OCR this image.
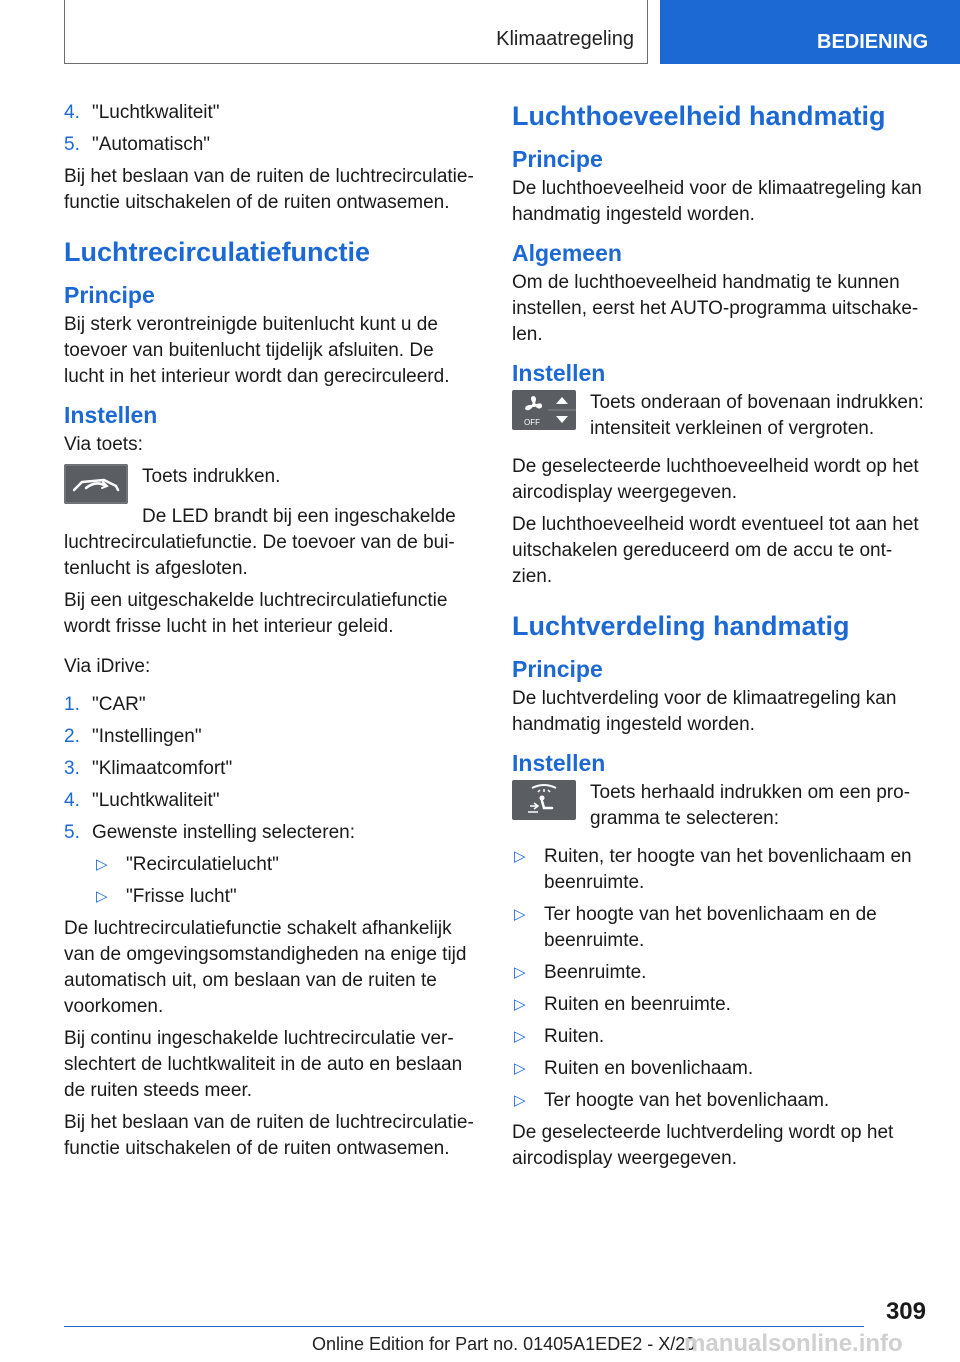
Klimaatregeling	BEDIENING
4. "Luchtkwaliteit"
5. "Automatisch"

Bij het beslaan van de ruiten de luchtrecirculatie-functie uitschakelen of de ruiten ontwasemen.

Luchtrecirculatiefunctie
Principe

Bij sterk verontreinigde buitenlucht kunt u de toevoer van buitenlucht tijdelijk afsluiten. De lucht in het interieur wordt dan gerecirculeerd.

Instellen

Via toets:

Toets indrukken.

De LED brandt bij een ingeschakelde luchtrecirculatiefunctie. De toevoer van de bui-tenlucht is afgesloten.

Bij een uitgeschakelde luchtrecirculatiefunctie wordt frisse lucht in het interieur geleid.

Via iDrive:

1. "CAR"
2. "Instellingen"
3. "Klimaatcomfort"
4. "Luchtkwaliteit"
5. Gewenste instelling selecteren:
▷ "Recirculatielucht"
▷ "Frisse lucht"

De luchtrecirculatiefunctie schakelt afhankelijk van de omgevingsomstandigheden na enige tijd automatisch uit, om beslaan van de ruiten te voorkomen.

Bij continu ingeschakelde luchtrecirculatie ver-slechtert de luchtkwaliteit in de auto en beslaan de ruiten steeds meer.

Bij het beslaan van de ruiten de luchtrecirculatie-functie uitschakelen of de ruiten ontwasemen.

Luchthoeveelheid handmatig
Principe

De luchthoeveelheid voor de klimaatregeling kan handmatig ingesteld worden.

Algemeen

Om de luchthoeveelheid handmatig te kunnen instellen, eerst het AUTO-programma uitschake-len.

Instellen
OFF

Toets onderaan of bovenaan indrukken: intensiteit verkleinen of vergroten.

De geselecteerde luchthoeveelheid wordt op het aircodisplay weergegeven.

De luchthoeveelheid wordt eventueel tot aan het uitschakelen gereduceerd om de accu te ont-zien.

Luchtverdeling handmatig
Principe

De luchtverdeling voor de klimaatregeling kan handmatig ingesteld worden.

Instellen

Toets herhaald indrukken om een pro-gramma te selecteren:

▷ Ruiten, ter hoogte van het bovenlichaam en beenruimte.
▷ Ter hoogte van het bovenlichaam en de beenruimte.
▷ Beenruimte.
▷ Ruiten en beenruimte.
▷ Ruiten.
▷ Ruiten en bovenlichaam.
▷ Ter hoogte van het bovenlichaam.

De geselecteerde luchtverdeling wordt op het aircodisplay weergegeven.

309
Online Edition for Part no. 01405A1EDE2 - X/20
manualsonline.info
